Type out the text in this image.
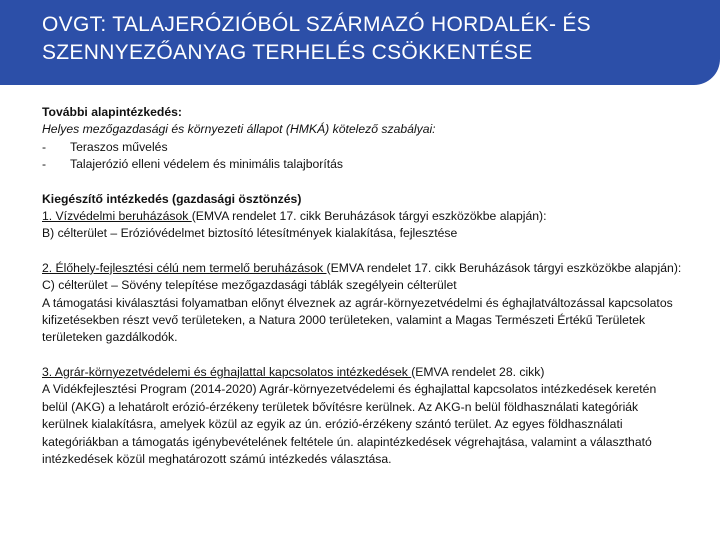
OVGT: TALAJERÓZIÓBÓL SZÁRMAZÓ HORDALÉK- ÉS
SZENNYEZŐANYAG TERHELÉS CSÖKKENTÉSE

További alapintézkedés:

Helyes mezőgazdasági és környezeti állapot (HMKÁ) kötelező szabályai:

-	Teraszos művelés
-	Talajerózió elleni védelem és minimális talajborítás

Kiegészítő intézkedés (gazdasági ösztönzés)

1. Vízvédelmi beruházások (EMVA rendelet 17. cikk Beruházások tárgyi eszközökbe alapján):

B) célterület – Erózióvédelmet biztosító létesítmények kialakítása, fejlesztése

2. Élőhely-fejlesztési célú nem termelő beruházások (EMVA rendelet 17. cikk Beruházások tárgyi eszközökbe alapján):

C) célterület – Sövény telepítése mezőgazdasági táblák szegélyein célterület

A támogatási kiválasztási folyamatban előnyt élveznek az agrár-környezetvédelmi és éghajlatváltozással kapcsolatos kifizetésekben részt vevő területeken, a Natura 2000 területeken, valamint a Magas Természeti Értékű Területek területeken gazdálkodók.

3. Agrár-környezetvédelemi és éghajlattal kapcsolatos intézkedések (EMVA rendelet 28. cikk)

A Vidékfejlesztési Program (2014-2020) Agrár-környezetvédelemi és éghajlattal kapcsolatos intézkedések keretén belül (AKG) a lehatárolt erózió-érzékeny területek bővítésre kerülnek. Az AKG-n belül földhasználati kategóriák kerülnek kialakításra, amelyek közül az egyik az ún. erózió-érzékeny szántó terület. Az egyes földhasználati kategóriákban a támogatás igénybevételének feltétele ún. alapintézkedések végrehajtása, valamint a választható intézkedések közül meghatározott számú intézkedés választása.
